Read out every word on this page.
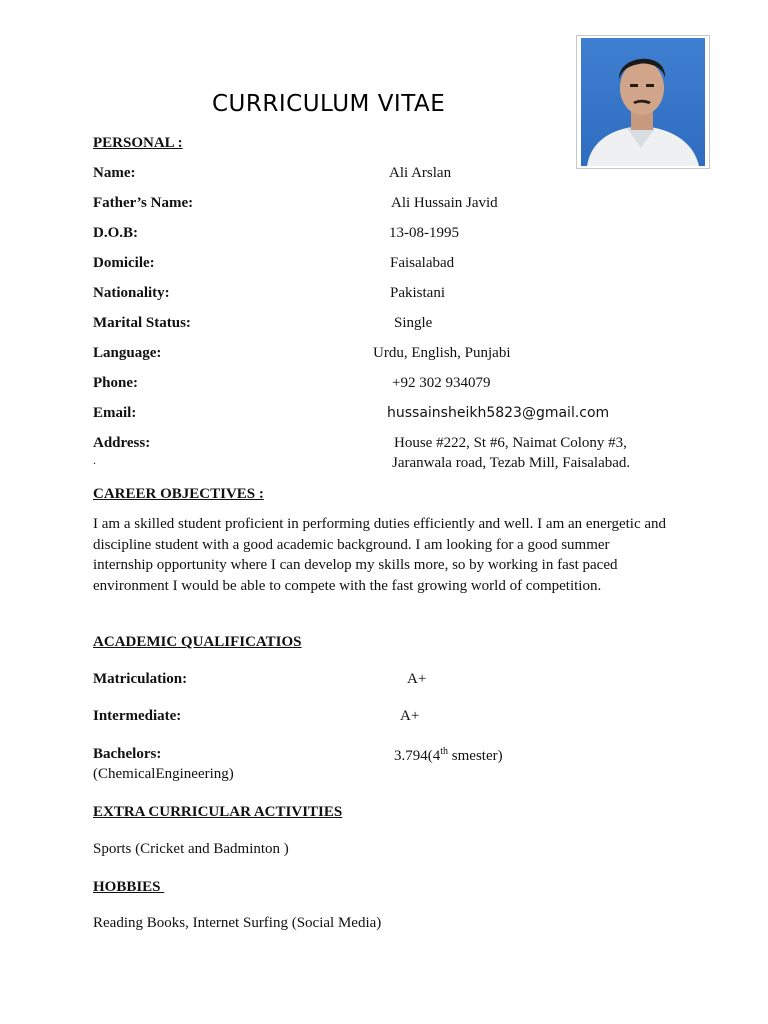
CURRICULUM VITAE
PERSONAL :
Name:	Ali Arslan
Father’s Name:	Ali Hussain Javid
D.O.B:	13-08-1995
Domicile:	Faisalabad
Nationality:	Pakistani
Marital Status:	Single
Language:	Urdu, English, Punjabi
Phone:	+92 302 934079
Email:	hussainsheikh5823@gmail.com
Address:
.
House #222, St #6, Naimat Colony #3,
Jaranwala road, Tezab Mill, Faisalabad.
CAREER OBJECTIVES :
I am a skilled student proficient in performing duties efficiently and well. I am an energetic and discipline student with a good academic background. I am looking for a good summer internship opportunity where I can develop my skills more, so by working in fast paced environment I would be able to compete with the fast growing world of competition.
ACADEMIC QUALIFICATIOS
Matriculation:	A+
Intermediate:	A+
Bachelors:	3.794(4th smester)
(ChemicalEngineering)
EXTRA CURRICULAR ACTIVITIES
Sports (Cricket and Badminton )
HOBBIES
Reading Books, Internet Surfing (Social Media)
